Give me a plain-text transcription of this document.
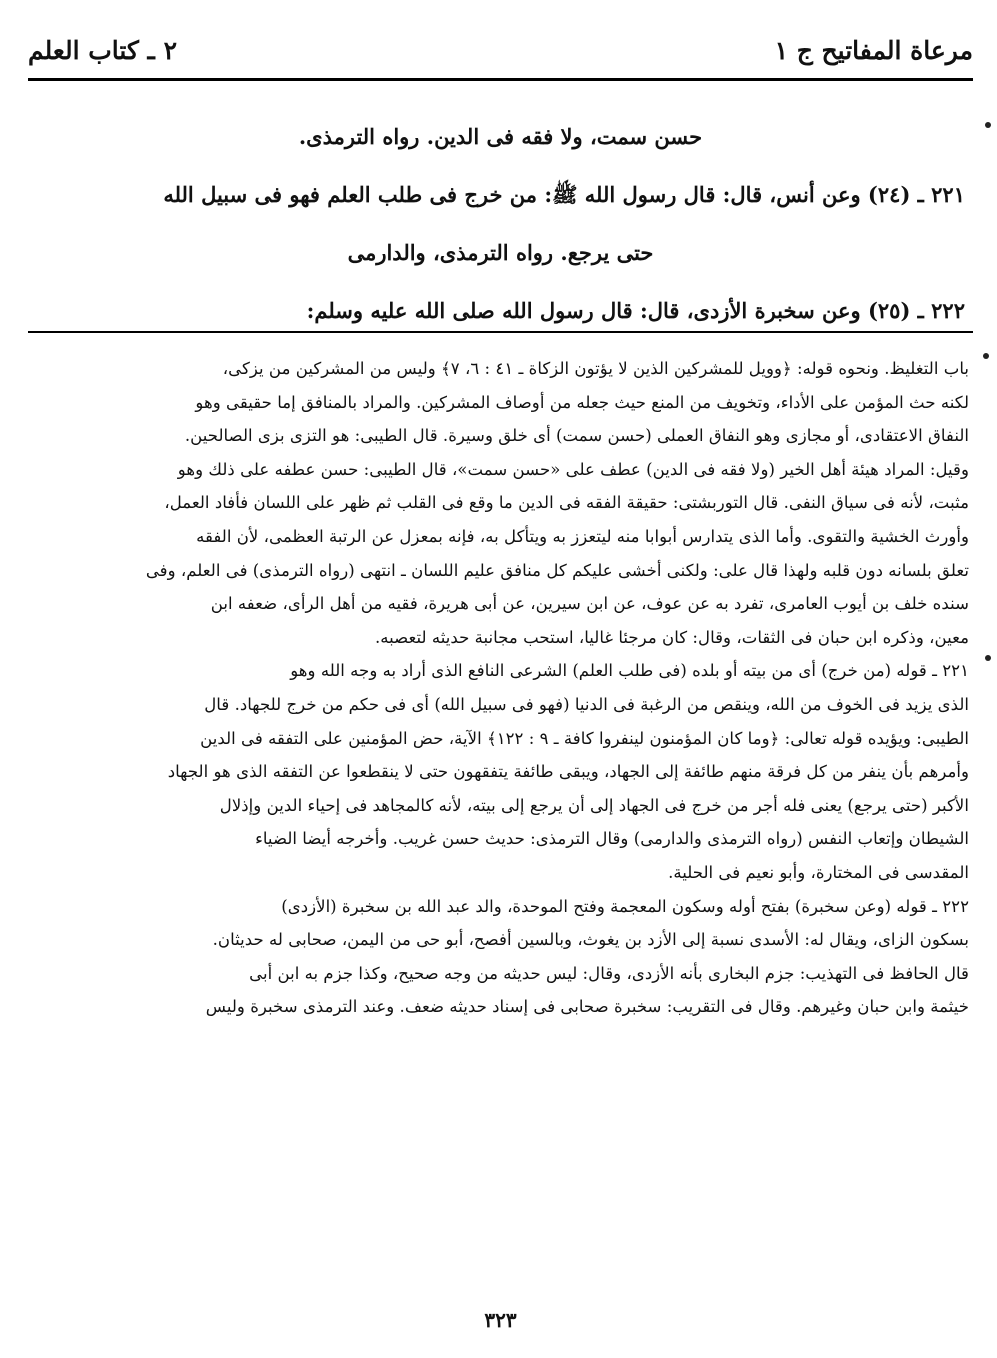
مرعاة المفاتيح ج ١
٢ ـ كتاب العلم

حسن سمت، ولا فقه فى الدين. رواه الترمذى.

٢٢١ ـ (٢٤) وعن أنس، قال: قال رسول الله ﷺ: من خرج فى طلب العلم فهو فى سبيل الله

حتى يرجع. رواه الترمذى، والدارمى

٢٢٢ ـ (٢٥) وعن سخبرة الأزدى، قال: قال رسول الله صلى الله عليه وسلم:

باب التغليظ. ونحوه قوله: ﴿وويل للمشركين الذين لا يؤتون الزكاة ـ ٤١ : ٦، ٧﴾ وليس من المشركين من يزكى،

لكنه حث المؤمن على الأداء، وتخويف من المنع حيث جعله من أوصاف المشركين. والمراد بالمنافق إما حقيقى وهو

النفاق الاعتقادى، أو مجازى وهو النفاق العملى (حسن سمت) أى خلق وسيرة. قال الطيبى: هو التزى بزى الصالحين.

وقيل: المراد هيئة أهل الخير (ولا فقه فى الدين) عطف على «حسن سمت»، قال الطيبى: حسن عطفه على ذلك وهو

مثبت، لأنه فى سياق النفى. قال التوربشتى: حقيقة الفقه فى الدين ما وقع فى القلب ثم ظهر على اللسان فأفاد العمل،

وأورث الخشية والتقوى. وأما الذى يتدارس أبوابا منه ليتعزز به ويتأكل به، فإنه بمعزل عن الرتبة العظمى، لأن الفقه

تعلق بلسانه دون قلبه ولهذا قال على: ولكنى أخشى عليكم كل منافق عليم اللسان ـ انتهى (رواه الترمذى) فى العلم، وفى

سنده خلف بن أيوب العامرى، تفرد به عن عوف، عن ابن سيرين، عن أبى هريرة، فقيه من أهل الرأى، ضعفه ابن

معين، وذكره ابن حبان فى الثقات، وقال: كان مرجئا غاليا، استحب مجانبة حديثه لتعصبه.

٢٢١ ـ قوله (من خرج) أى من بيته أو بلده (فى طلب العلم) الشرعى النافع الذى أراد به وجه الله وهو

الذى يزيد فى الخوف من الله، وينقص من الرغبة فى الدنيا (فهو فى سبيل الله) أى فى حكم من خرج للجهاد. قال

الطيبى: ويؤيده قوله تعالى: ﴿وما كان المؤمنون لينفروا كافة ـ ٩ : ١٢٢﴾ الآية، حض المؤمنين على التفقه فى الدين

وأمرهم بأن ينفر من كل فرقة منهم طائفة إلى الجهاد، ويبقى طائفة يتفقهون حتى لا ينقطعوا عن التفقه الذى هو الجهاد

الأكبر (حتى يرجع) يعنى فله أجر من خرج فى الجهاد إلى أن يرجع إلى بيته، لأنه كالمجاهد فى إحياء الدين وإذلال

الشيطان وإتعاب النفس (رواه الترمذى والدارمى) وقال الترمذى: حديث حسن غريب. وأخرجه أيضا الضياء

المقدسى فى المختارة، وأبو نعيم فى الحلية.

٢٢٢ ـ قوله (وعن سخبرة) بفتح أوله وسكون المعجمة وفتح الموحدة، والد عبد الله بن سخبرة (الأزدى)

بسكون الزاى، ويقال له: الأسدى نسبة إلى الأزد بن يغوث، وبالسين أفصح، أبو حى من اليمن، صحابى له حديثان.

قال الحافظ فى التهذيب: جزم البخارى بأنه الأزدى، وقال: ليس حديثه من وجه صحيح، وكذا جزم به ابن أبى

خيثمة وابن حبان وغيرهم. وقال فى التقريب: سخبرة صحابى فى إسناد حديثه ضعف. وعند الترمذى سخبرة وليس

٣٢٣
